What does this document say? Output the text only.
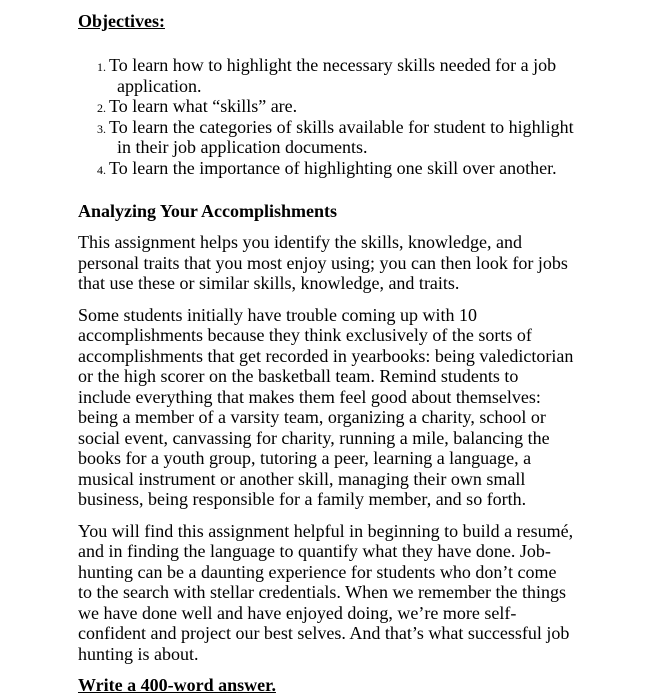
Objectives:
1. To learn how to highlight the necessary skills needed for a job
application.
2. To learn what “skills” are.
3. To learn the categories of skills available for student to highlight
in their job application documents.
4. To learn the importance of highlighting one skill over another.
Analyzing Your Accomplishments

This assignment helps you identify the skills, knowledge, and
personal traits that you most enjoy using; you can then look for jobs
that use these or similar skills, knowledge, and traits.

Some students initially have trouble coming up with 10
accomplishments because they think exclusively of the sorts of
accomplishments that get recorded in yearbooks: being valedictorian
or the high scorer on the basketball team. Remind students to
include everything that makes them feel good about themselves:
being a member of a varsity team, organizing a charity, school or
social event, canvassing for charity, running a mile, balancing the
books for a youth group, tutoring a peer, learning a language, a
musical instrument or another skill, managing their own small
business, being responsible for a family member, and so forth.

You will find this assignment helpful in beginning to build a resumé,
and in finding the language to quantify what they have done. Job-
hunting can be a daunting experience for students who don’t come
to the search with stellar credentials. When we remember the things
we have done well and have enjoyed doing, we’re more self-
confident and project our best selves. And that’s what successful job
hunting is about.

Write a 400-word answer.
